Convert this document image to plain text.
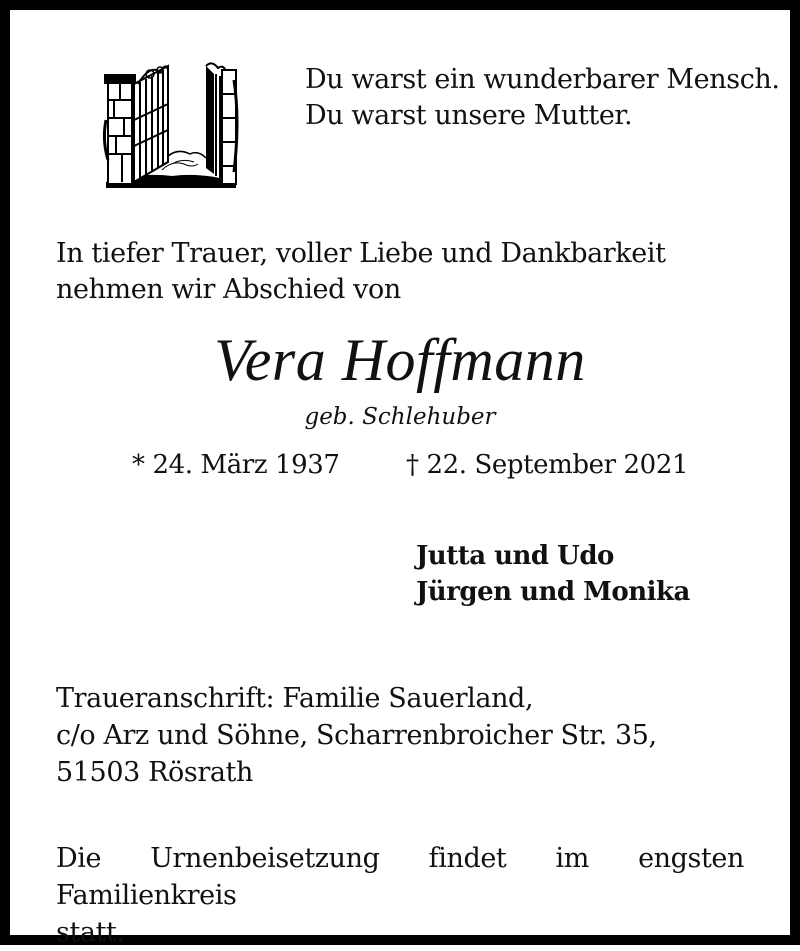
Du warst ein wunderbarer Mensch.
Du warst unsere Mutter.
In tiefer Trauer, voller Liebe und Dankbarkeit
nehmen wir Abschied von
Vera Hoffmann
geb. Schlehuber
* 24. März 1937	† 22. September 2021
Jutta und Udo
Jürgen und Monika
Traueranschrift: Familie Sauerland,
c/o Arz und Söhne, Scharrenbroicher Str. 35,
51503 Rösrath
Die Urnenbeisetzung findet im engsten Familienkreis
statt.
